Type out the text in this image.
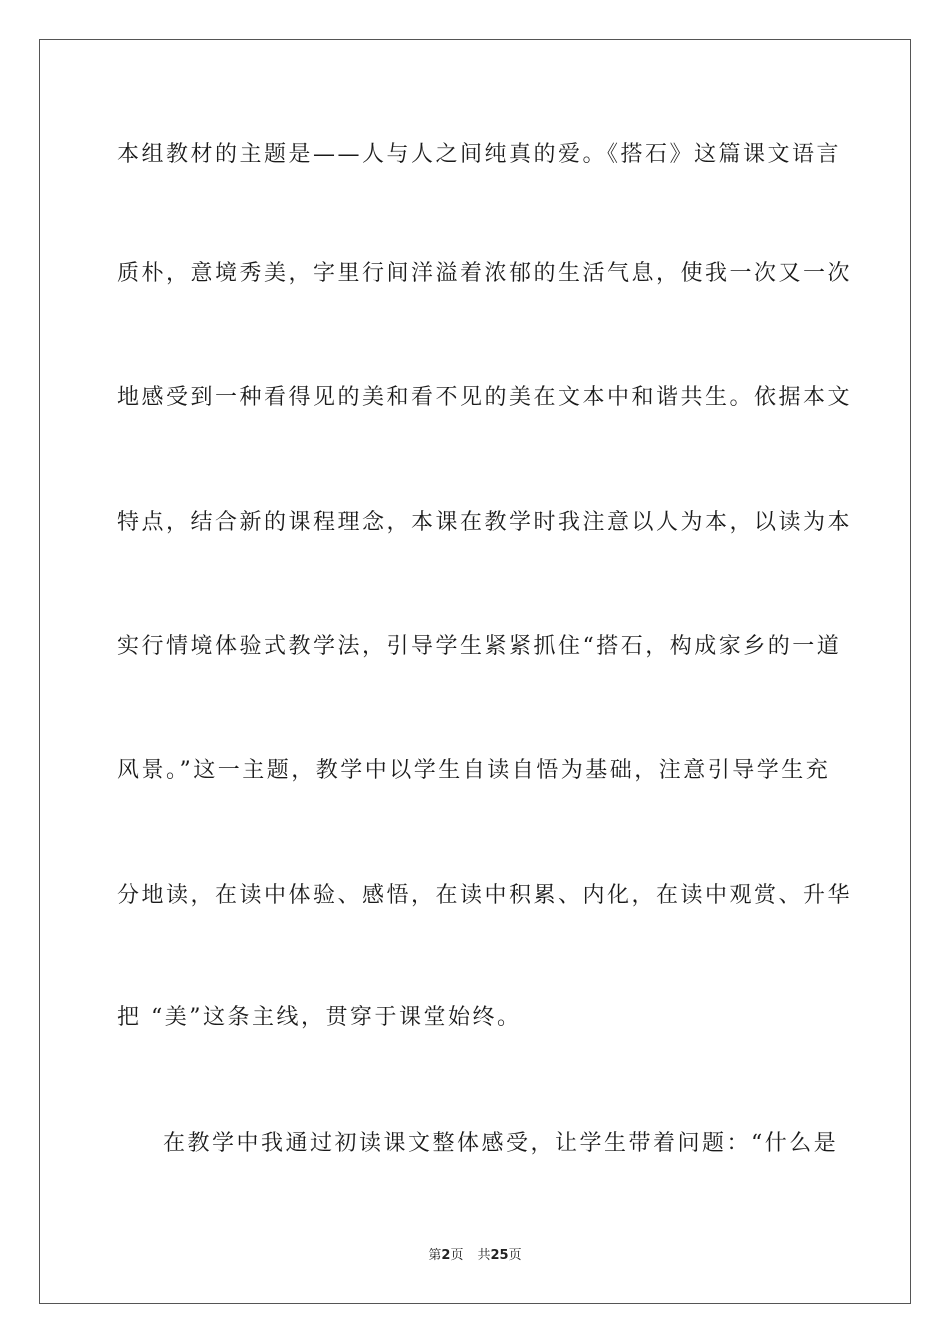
本组教材的主题是——人与人之间纯真的爱。《搭石》这篇课文语言
质朴，意境秀美，字里行间洋溢着浓郁的生活气息，使我一次又一次
地感受到一种看得见的美和看不见的美在文本中和谐共生。依据本文
特点，结合新的课程理念，本课在教学时我注意以人为本，以读为本
实行情境体验式教学法，引导学生紧紧抓住“搭石，构成家乡的一道
风景。”这一主题，教学中以学生自读自悟为基础，注意引导学生充
分地读，在读中体验、感悟，在读中积累、内化，在读中观赏、升华
把 “美”这条主线，贯穿于课堂始终。
在教学中我通过初读课文整体感受，让学生带着问题：“什么是
第2页 共25页
